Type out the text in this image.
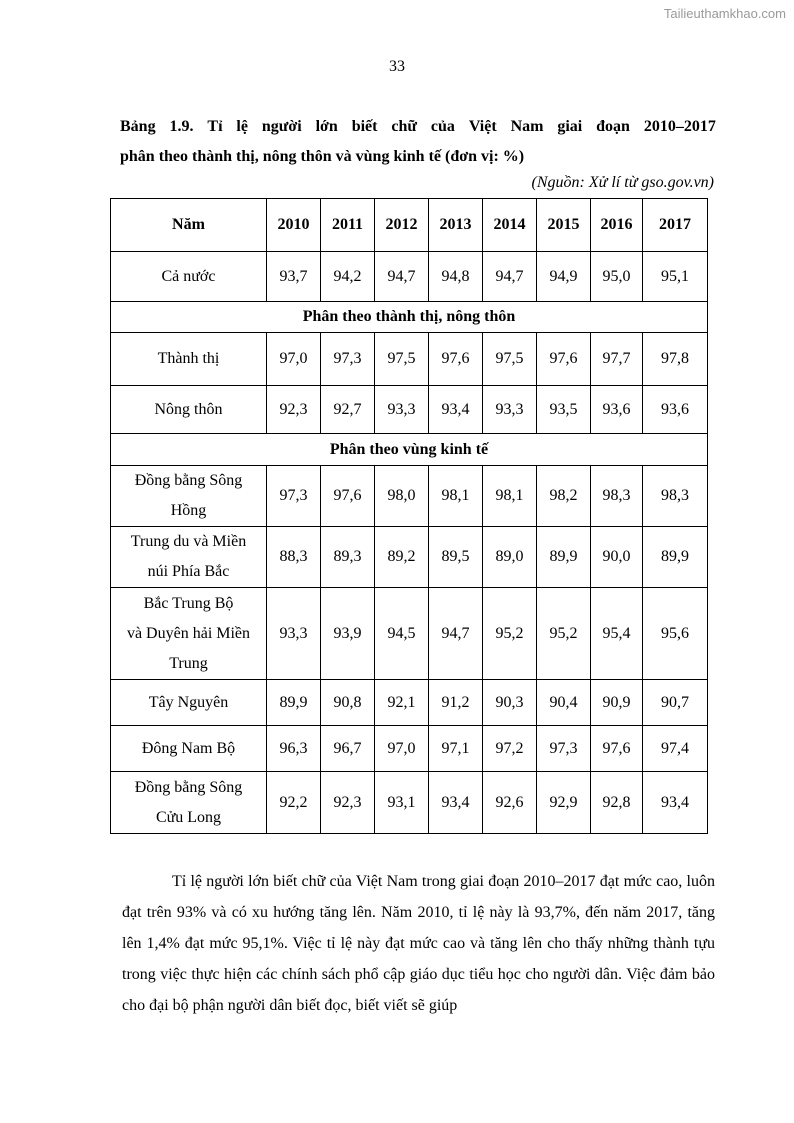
Tailieuthamkhao.com
33
Bảng 1.9. Tỉ lệ người lớn biết chữ của Việt Nam giai đoạn 2010–2017
phân theo thành thị, nông thôn và vùng kinh tế (đơn vị: %)
(Nguồn: Xử lí từ gso.gov.vn)
Năm	2010	2011	2012	2013	2014	2015	2016	2017

Cả nước	93,7	94,2	94,7	94,8	94,7	94,9	95,0	95,1
Phân theo thành thị, nông thôn								

Thành thị	97,0	97,3	97,5	97,6	97,5	97,6	97,7	97,8

Nông thôn	92,3	92,7	93,3	93,4	93,3	93,5	93,6	93,6
Phân theo vùng kinh tế								

Đồng bằng Sông
Hồng	97,3	97,6	98,0	98,1	98,1	98,2	98,3	98,3

Trung du và Miền
núi Phía Bắc	88,3	89,3	89,2	89,5	89,0	89,9	90,0	89,9

Bắc Trung Bộ
và Duyên hải Miền
Trung	93,3	93,9	94,5	94,7	95,2	95,2	95,4	95,6

Tây Nguyên	89,9	90,8	92,1	91,2	90,3	90,4	90,9	90,7

Đông Nam Bộ	96,3	96,7	97,0	97,1	97,2	97,3	97,6	97,4

Đồng bằng Sông
Cửu Long	92,2	92,3	93,1	93,4	92,6	92,9	92,8	93,4

Tỉ lệ người lớn biết chữ của Việt Nam trong giai đoạn 2010–2017 đạt mức cao, luôn đạt trên 93% và có xu hướng tăng lên. Năm 2010, tỉ lệ này là 93,7%, đến năm 2017, tăng lên 1,4% đạt mức 95,1%. Việc tỉ lệ này đạt mức cao và tăng lên cho thấy những thành tựu trong việc thực hiện các chính sách phổ cập giáo dục tiểu học cho người dân. Việc đảm bảo cho đại bộ phận người dân biết đọc, biết viết sẽ giúp
